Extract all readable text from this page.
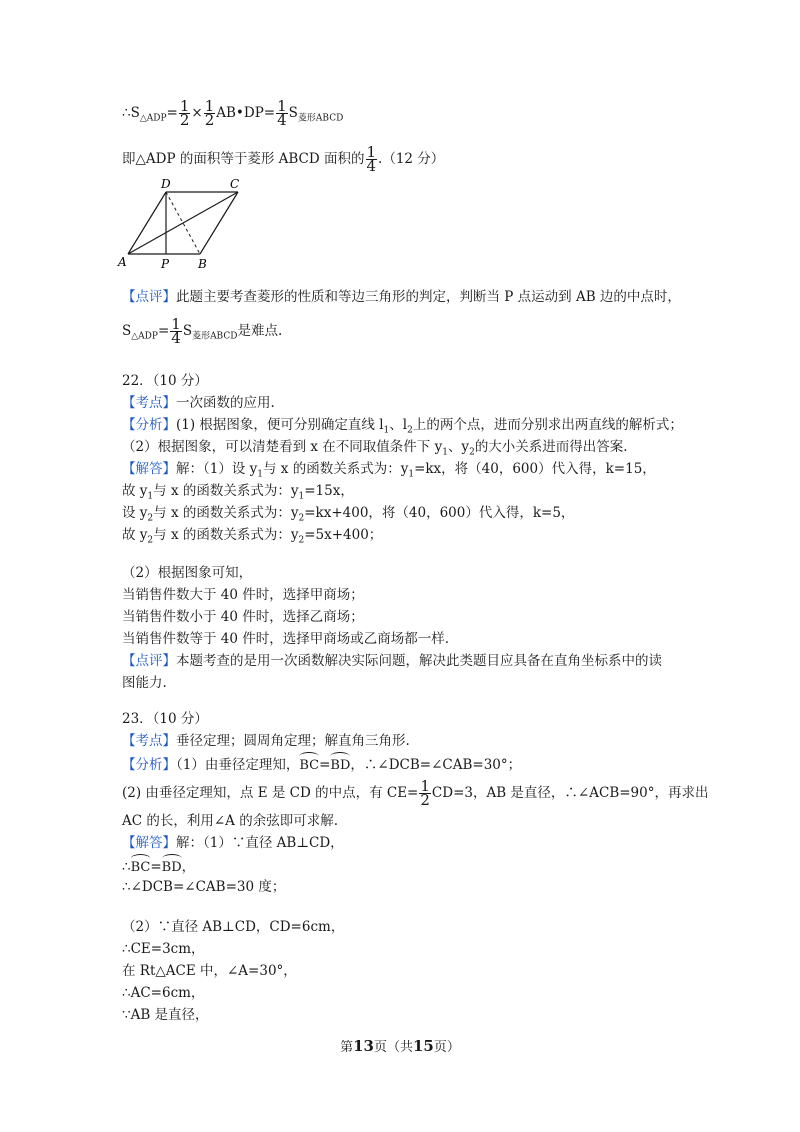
$\therefore S_{\triangle ADP}= \frac{1}{2} \times \frac{1}{2}$ AB•DP= $\frac{1}{4} S_{菱形ABCD}$
即△ADP 的面积等于菱形 ABCD 面积的 $\frac{1}{4} .(12$ 分）
D	C
A	P B
【点评】此题主要考查菱形的性质和等边三角形的判定，判断当 P 点运动到 AB 边的中点时，
$S_{\triangle ADP}= \frac{1}{4} S_{菱形ABCD}$是难点.
22．（10 分）
【考点】一次函数的应用.
【分析】(1) 根据图象，便可分别确定直线 $l_1$、$l_2$上的两个点，进而分别求出两直线的解析式；
（2）根据图象，可以清楚看到 x 在不同取值条件下 $y_1$、$y_2$的大小关系进而得出答案.
【解答】解：（1）设 $y_1$与 x 的函数关系式为：$y_1=kx$，将（40，600）代入得，k=15，
故 $y_1$与 x 的函数关系式为：$y_1=15x$，
设 $y_2$与 x 的函数关系式为：$y_2=kx+400$，将（40，600）代入得，k=5，
故 $y_2$与 x 的函数关系式为：$y_2=5x+400$；
（2）根据图象可知，
当销售件数大于 40 件时，选择甲商场；
当销售件数小于 40 件时，选择乙商场；
当销售件数等于 40 件时，选择甲商场或乙商场都一样.
【点评】本题考查的是用一次函数解决实际问题，解决此类题目应具备在直角坐标系中的读
图能力.
23．（10 分）
【考点】垂径定理；圆周角定理；解直角三角形.
【分析】（1）由垂径定理知，BC=BD，∴∠DCB=∠CAB=30°；
(2) 由垂径定理知，点 E 是 CD 的中点，有 $CE= \frac{1}{2} CD=3$，AB 是直径，∴∠ACB=90°，再求出
AC 的长，利用∠A 的余弦即可求解.
【解答】解：（1）∵直径 AB⊥CD，
∴BC=BD，
∴∠DCB=∠CAB=30 度；
（2）∵直径 AB⊥CD，CD=6cm，
∴CE=3cm，
在 Rt△ACE 中，∠A=30°，
∴AC=6cm，
∵AB 是直径，
第13页（共15页）
